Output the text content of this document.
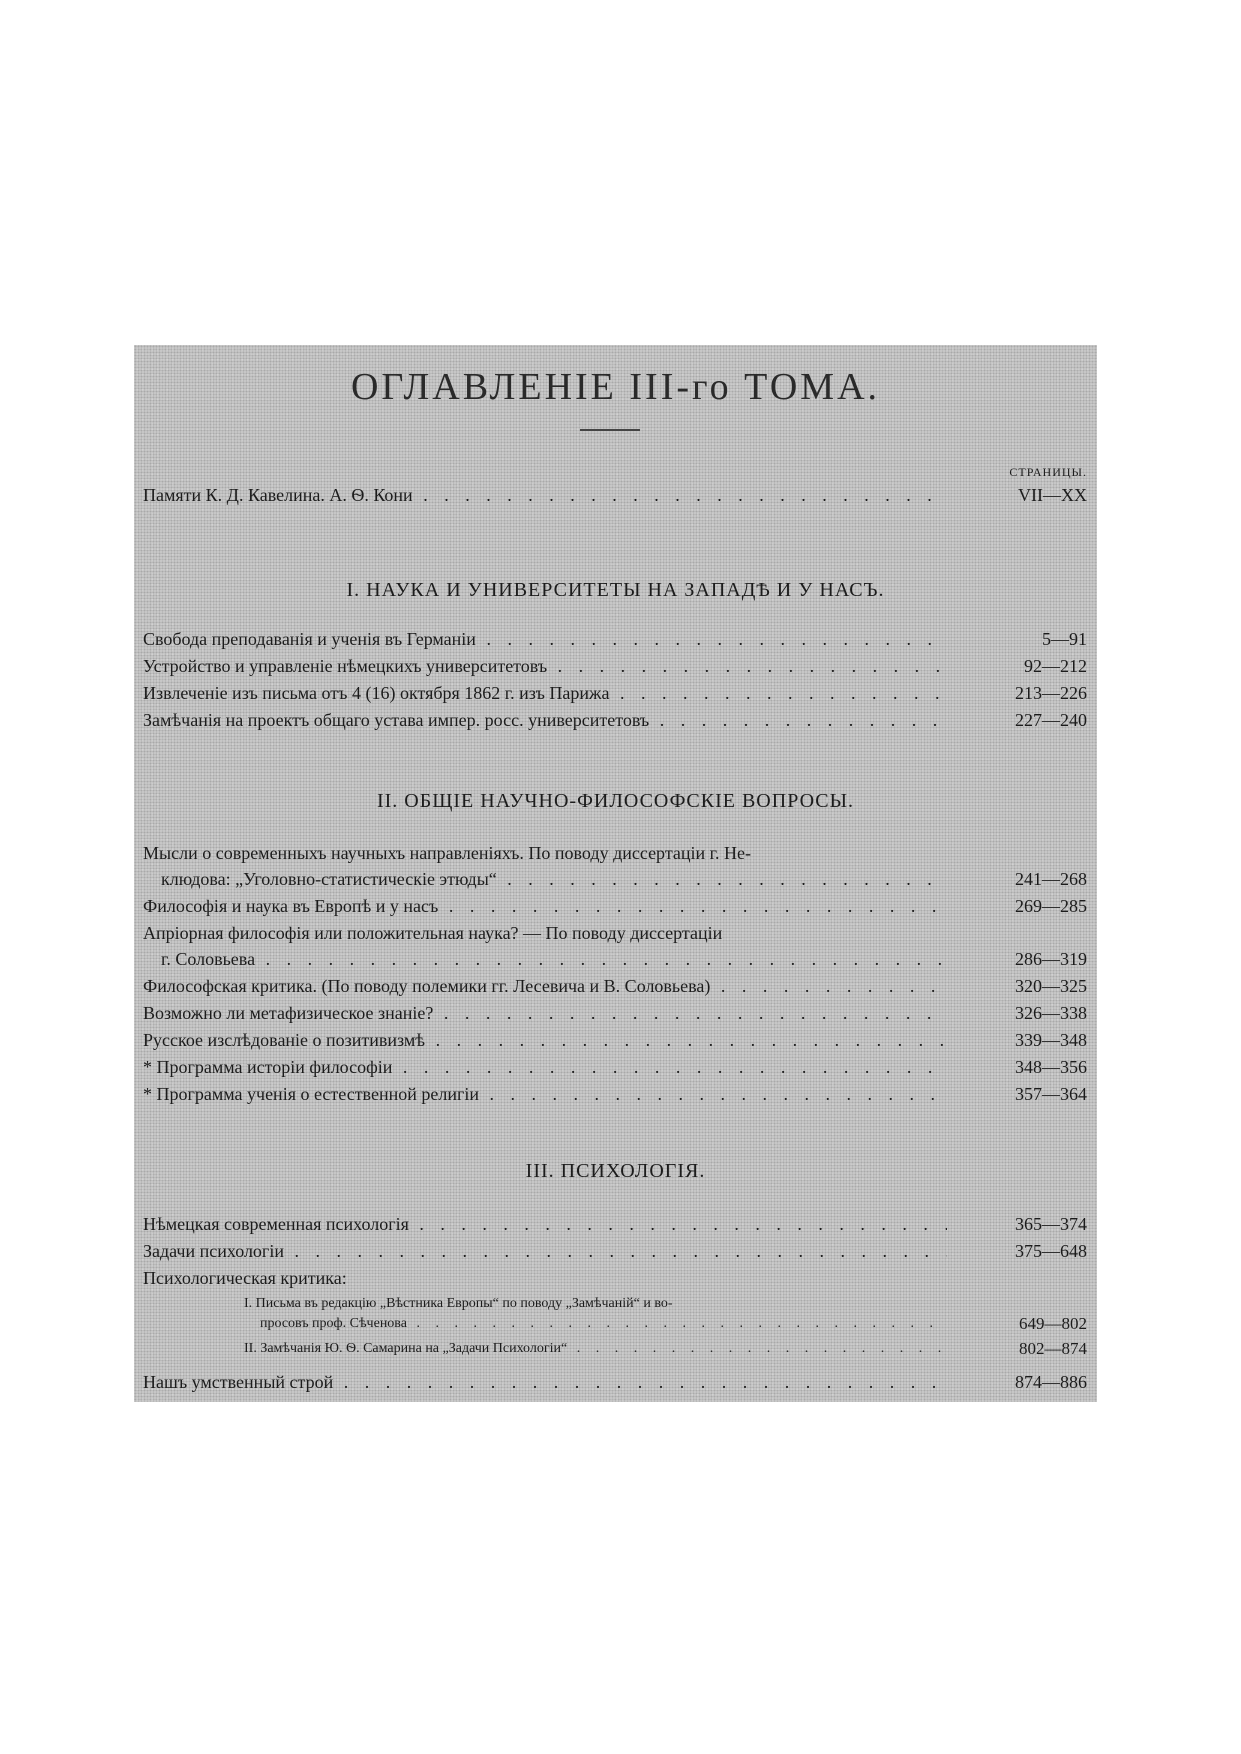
ОГЛАВЛЕНІЕ III-го ТОМА.
СТРАНИЦЫ.
Памяти К. Д. Кавелина. А. Ѳ. Кони . . .	VII—XX
I. НАУКА И УНИВЕРСИТЕТЫ НА ЗАПАДѢ И У НАСЪ.
Свобода преподаванія и ученія въ Германіи . . .	5—91
Устройство и управленіе нѣмецкихъ университетовъ . . .	92—212
Извлеченіе изъ письма отъ 4 (16) октября 1862 г. изъ Парижа . . .	213—226
Замѣчанія на проектъ общаго устава импер. росс. университетовъ . . .	227—240
II. ОБЩІЕ НАУЧНО-ФИЛОСОФСКІЕ ВОПРОСЫ.
Мысли о современныхъ научныхъ направленіяхъ. По поводу диссертаціи г. Не-
клюдова: „Уголовно-статистическіе этюды“ . . .	241—268
Философія и наука въ Европѣ и у насъ . . .	269—285
Апріорная философія или положительная наука? — По поводу диссертаціи
г. Соловьева . . .	286—319
Философская критика. (По поводу полемики гг. Лесевича и В. Соловьева) . . .	320—325
Возможно ли метафизическое знаніе? . . .	326—338
Русское изслѣдованіе о позитивизмѣ . . .	339—348
* Программа исторіи философіи . . .	348—356
* Программа ученія о естественной религіи . . .	357—364
III. ПСИХОЛОГІЯ.
Нѣмецкая современная психологія . . .	365—374
Задачи психологіи . . .	375—648
Психологическая критика:
I. Письма въ редакцію „Вѣстника Европы“ по поводу „Замѣчаній“ и во-
просовъ проф. Сѣченова . . .	649—802
II. Замѣчанія Ю. Ѳ. Самарина на „Задачи Психологіи“ . . .	802—874
Нашъ умственный строй . . .	874—886
